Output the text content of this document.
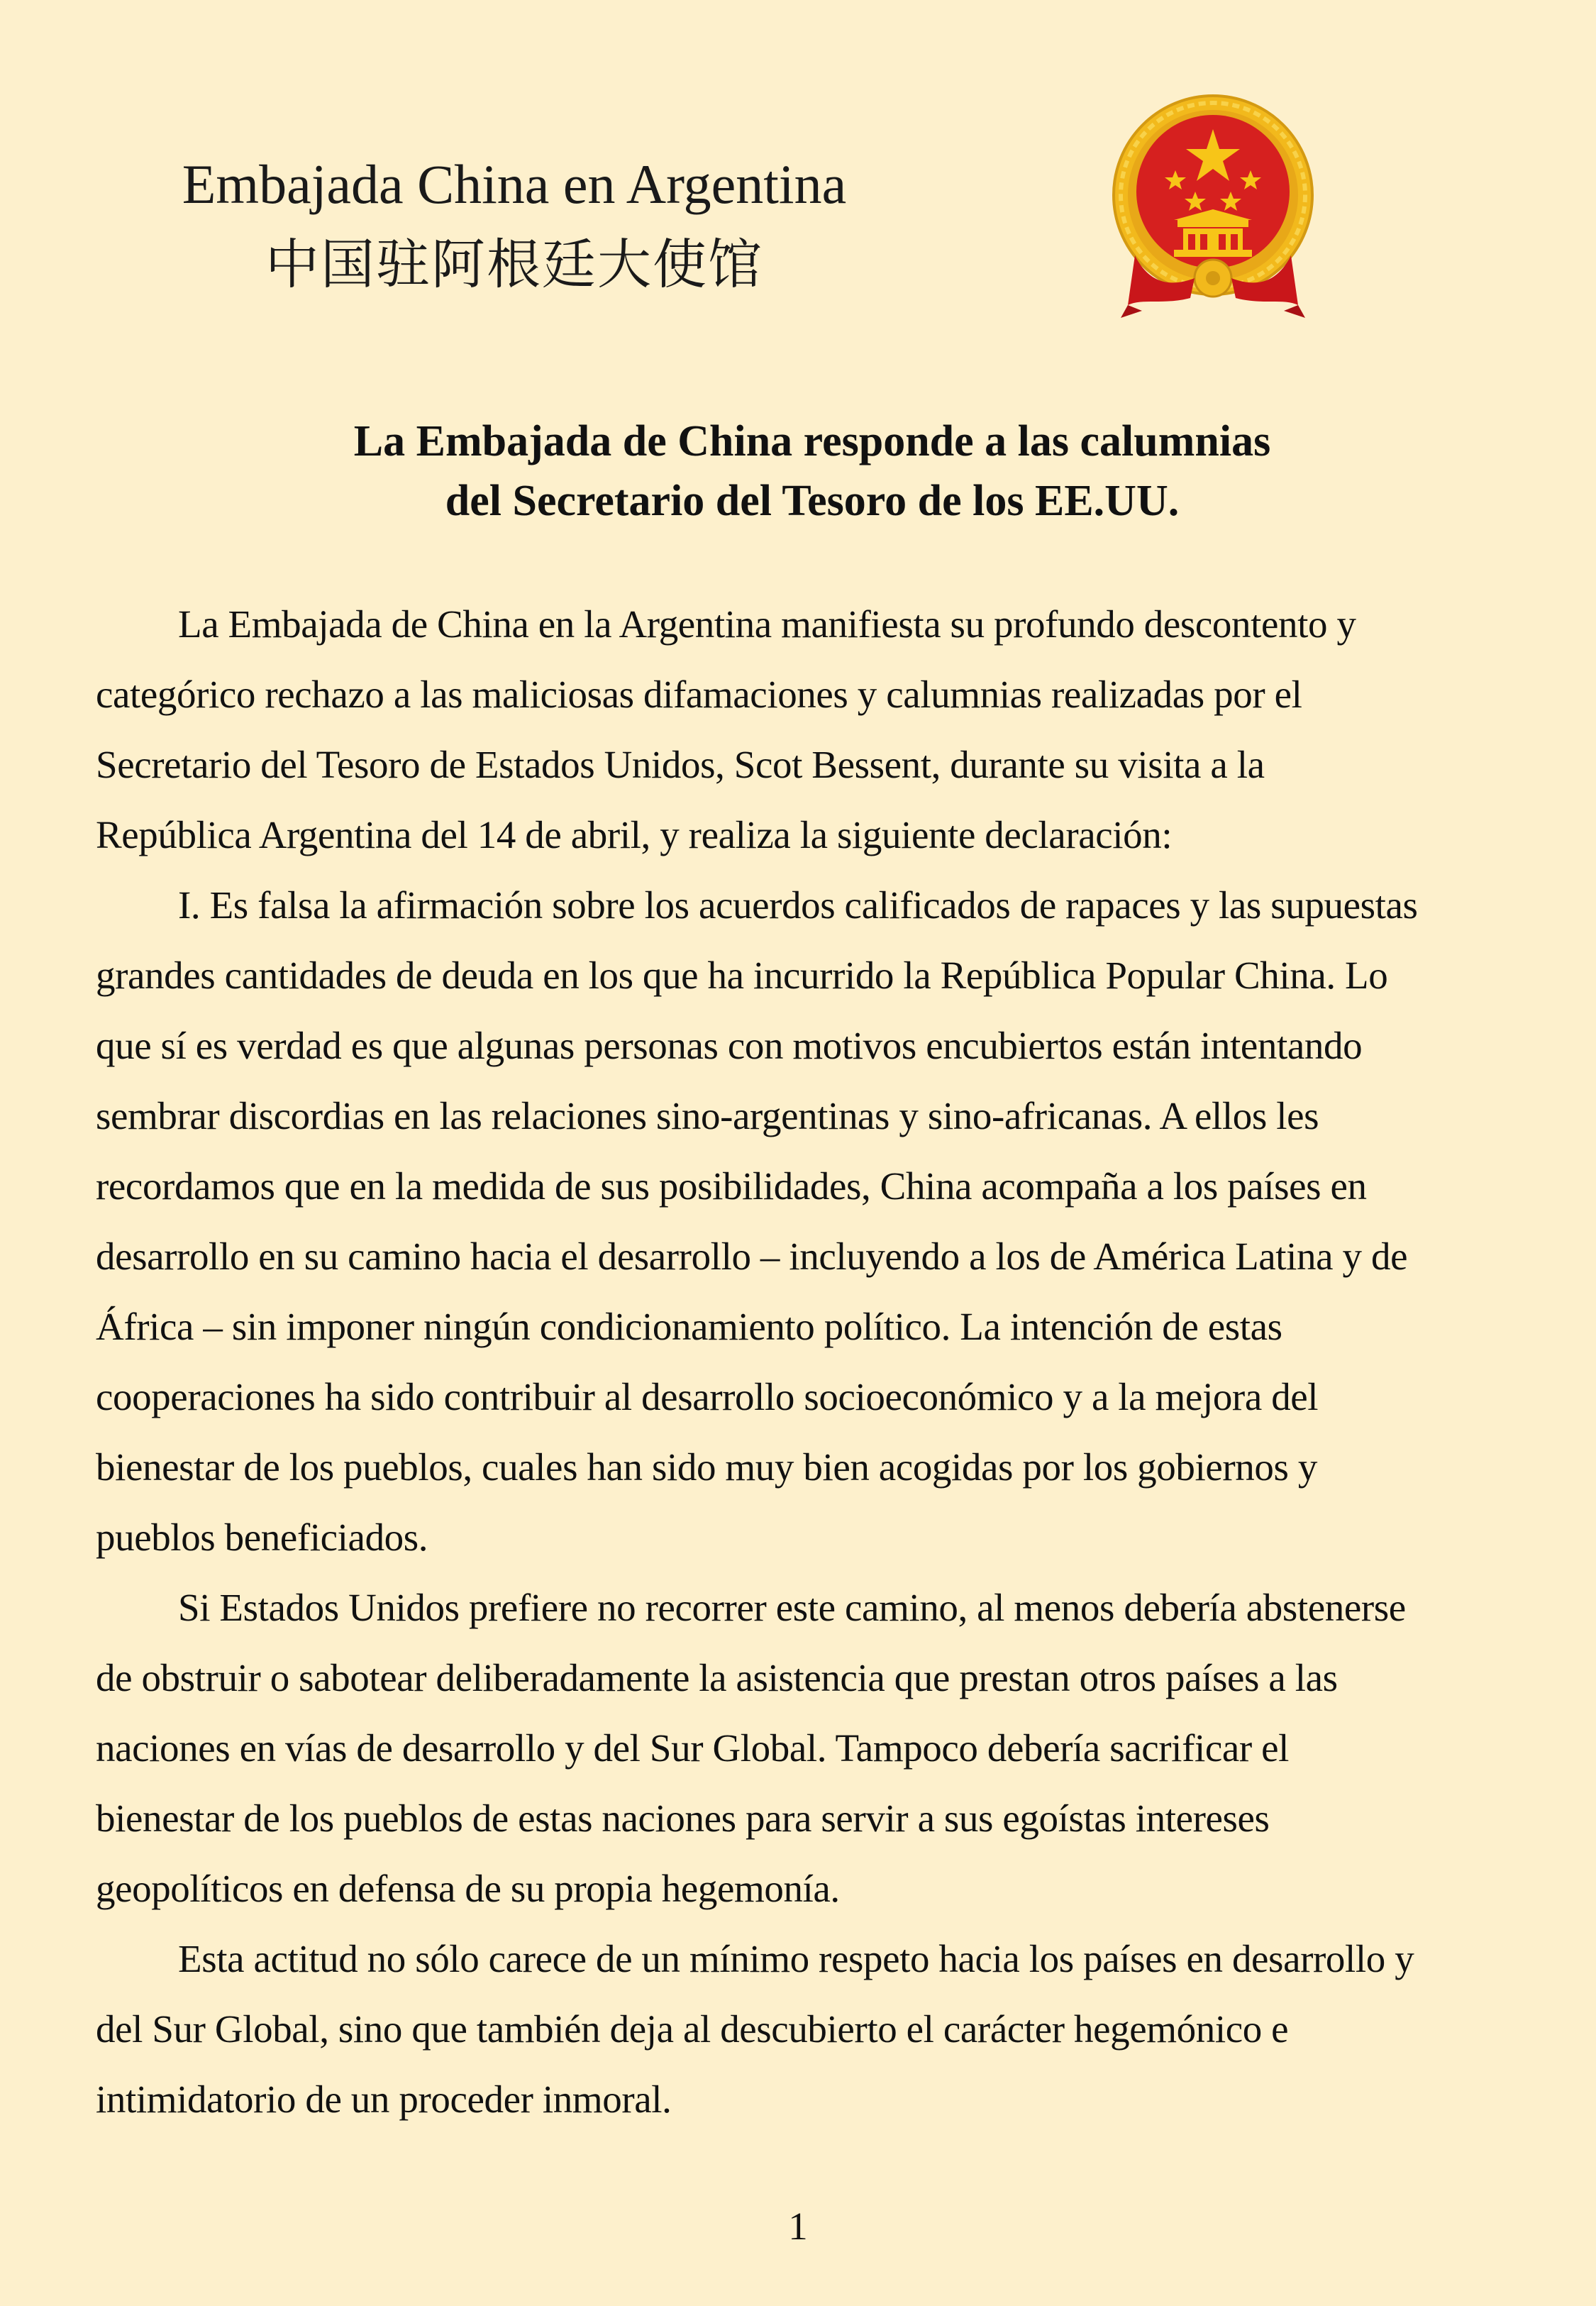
Embajada China en Argentina
中国驻阿根廷大使馆
La Embajada de China responde a las calumnias
del Secretario del Tesoro de los EE.UU.
La Embajada de China en la Argentina manifiesta su profundo descontento y
categórico rechazo a las maliciosas difamaciones y calumnias realizadas por el
Secretario del Tesoro de Estados Unidos, Scot Bessent, durante su visita a la
República Argentina del 14 de abril, y realiza la siguiente declaración:
I. Es falsa la afirmación sobre los acuerdos calificados de rapaces y las supuestas
grandes cantidades de deuda en los que ha incurrido la República Popular China. Lo
que sí es verdad es que algunas personas con motivos encubiertos están intentando
sembrar discordias en las relaciones sino-argentinas y sino-africanas. A ellos les
recordamos que en la medida de sus posibilidades, China acompaña a los países en
desarrollo en su camino hacia el desarrollo – incluyendo a los de América Latina y de
África – sin imponer ningún condicionamiento político. La intención de estas
cooperaciones ha sido contribuir al desarrollo socioeconómico y a la mejora del
bienestar de los pueblos, cuales han sido muy bien acogidas por los gobiernos y
pueblos beneficiados.
Si Estados Unidos prefiere no recorrer este camino, al menos debería abstenerse
de obstruir o sabotear deliberadamente la asistencia que prestan otros países a las
naciones en vías de desarrollo y del Sur Global. Tampoco debería sacrificar el
bienestar de los pueblos de estas naciones para servir a sus egoístas intereses
geopolíticos en defensa de su propia hegemonía.
Esta actitud no sólo carece de un mínimo respeto hacia los países en desarrollo y
del Sur Global, sino que también deja al descubierto el carácter hegemónico e
intimidatorio de un proceder inmoral.
1
